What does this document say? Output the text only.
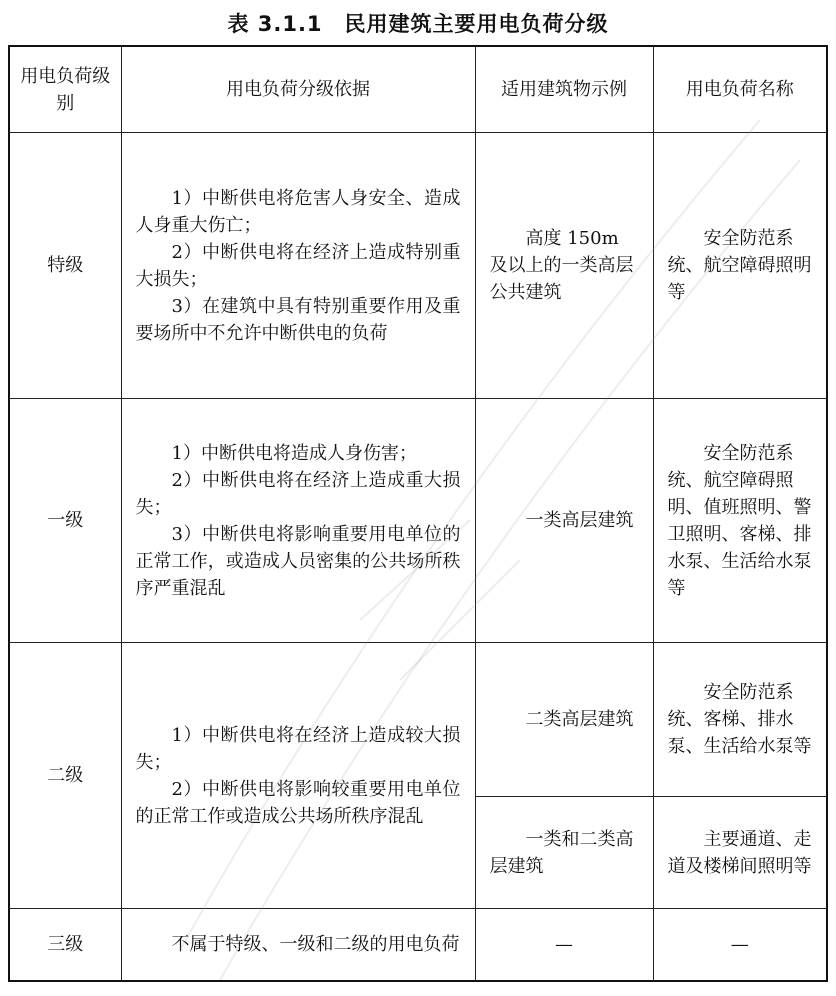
表 3.1.1　民用建筑主要用电负荷分级
用电负荷级别	用电负荷分级依据	适用建筑物示例	用电负荷名称
特级	1）中断供电将危害人身安全、造成人身重大伤亡；
2）中断供电将在经济上造成特别重大损失；
3）在建筑中具有特别重要作用及重要场所中不允许中断供电的负荷	高度 150m 及以上的一类高层公共建筑	安全防范系统、航空障碍照明等

一级	1）中断供电将造成人身伤害；
2）中断供电将在经济上造成重大损失；
3）中断供电将影响重要用电单位的正常工作，或造成人员密集的公共场所秩序严重混乱	一类高层建筑	安全防范系统、航空障碍照明、值班照明、警卫照明、客梯、排水泵、生活给水泵等

二级	1）中断供电将在经济上造成较大损失；
2）中断供电将影响较重要用电单位的正常工作或造成公共场所秩序混乱	二类高层建筑	安全防范系统、客梯、排水泵、生活给水泵等

		一类和二类高层建筑	主要通道、走道及楼梯间照明等

三级	不属于特级、一级和二级的用电负荷	—	—
